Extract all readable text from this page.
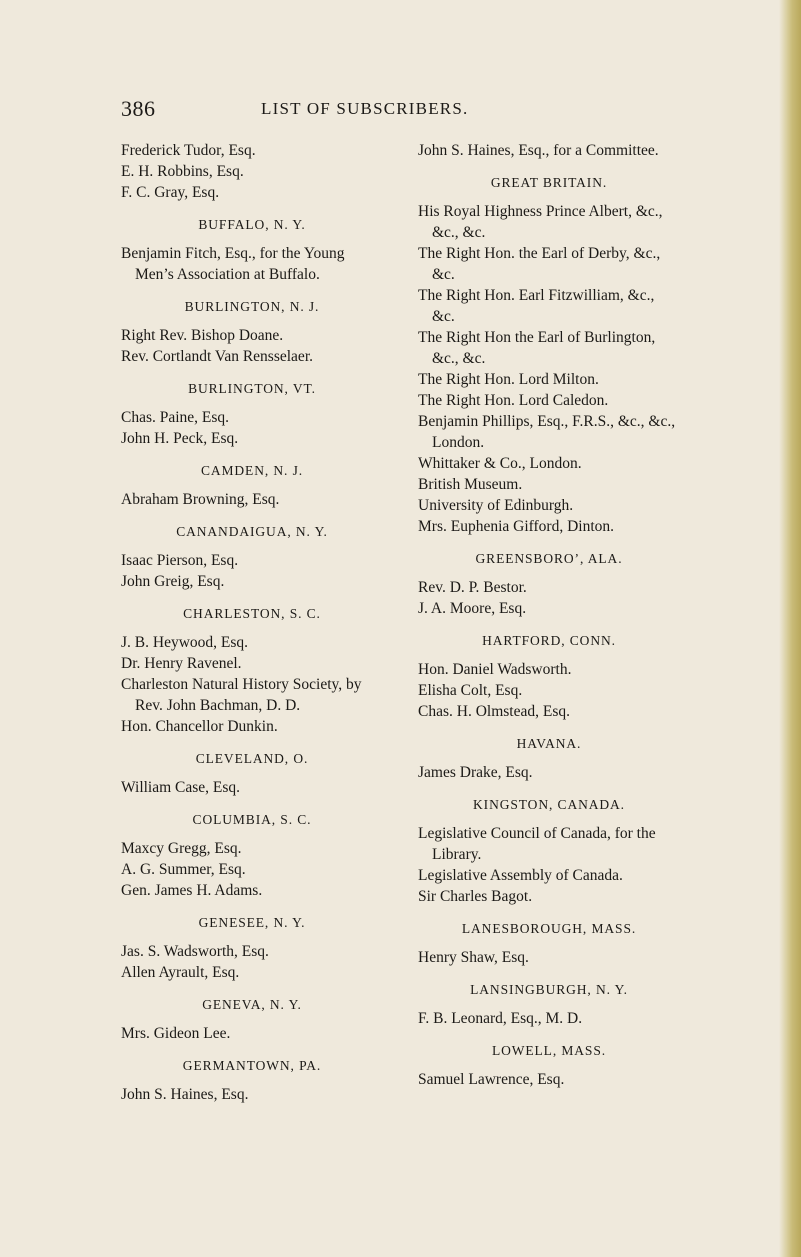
386	LIST OF SUBSCRIBERS.

Frederick Tudor, Esq.

E. H. Robbins, Esq.

F. C. Gray, Esq.

BUFFALO, N. Y.

Benjamin Fitch, Esq., for the Young Men’s Association at Buffalo.

BURLINGTON, N. J.

Right Rev. Bishop Doane.

Rev. Cortlandt Van Rensselaer.

BURLINGTON, VT.

Chas. Paine, Esq.

John H. Peck, Esq.

CAMDEN, N. J.

Abraham Browning, Esq.

CANANDAIGUA, N. Y.

Isaac Pierson, Esq.

John Greig, Esq.

CHARLESTON, S. C.

J. B. Heywood, Esq.

Dr. Henry Ravenel.

Charleston Natural History Society, by Rev. John Bachman, D. D.

Hon. Chancellor Dunkin.

CLEVELAND, O.

William Case, Esq.

COLUMBIA, S. C.

Maxcy Gregg, Esq.

A. G. Summer, Esq.

Gen. James H. Adams.

GENESEE, N. Y.

Jas. S. Wadsworth, Esq.

Allen Ayrault, Esq.

GENEVA, N. Y.

Mrs. Gideon Lee.

GERMANTOWN, PA.

John S. Haines, Esq.

John S. Haines, Esq., for a Committee.

GREAT BRITAIN.

His Royal Highness Prince Albert, &c., &c., &c.

The Right Hon. the Earl of Derby, &c., &c.

The Right Hon. Earl Fitzwilliam, &c., &c.

The Right Hon the Earl of Burlington, &c., &c.

The Right Hon. Lord Milton.

The Right Hon. Lord Caledon.

Benjamin Phillips, Esq., F.R.S., &c., &c., London.

Whittaker & Co., London.

British Museum.

University of Edinburgh.

Mrs. Euphenia Gifford, Dinton.

GREENSBORO’, ALA.

Rev. D. P. Bestor.

J. A. Moore, Esq.

HARTFORD, CONN.

Hon. Daniel Wadsworth.

Elisha Colt, Esq.

Chas. H. Olmstead, Esq.

HAVANA.

James Drake, Esq.

KINGSTON, CANADA.

Legislative Council of Canada, for the Library.

Legislative Assembly of Canada.

Sir Charles Bagot.

LANESBOROUGH, MASS.

Henry Shaw, Esq.

LANSINGBURGH, N. Y.

F. B. Leonard, Esq., M. D.

LOWELL, MASS.

Samuel Lawrence, Esq.
